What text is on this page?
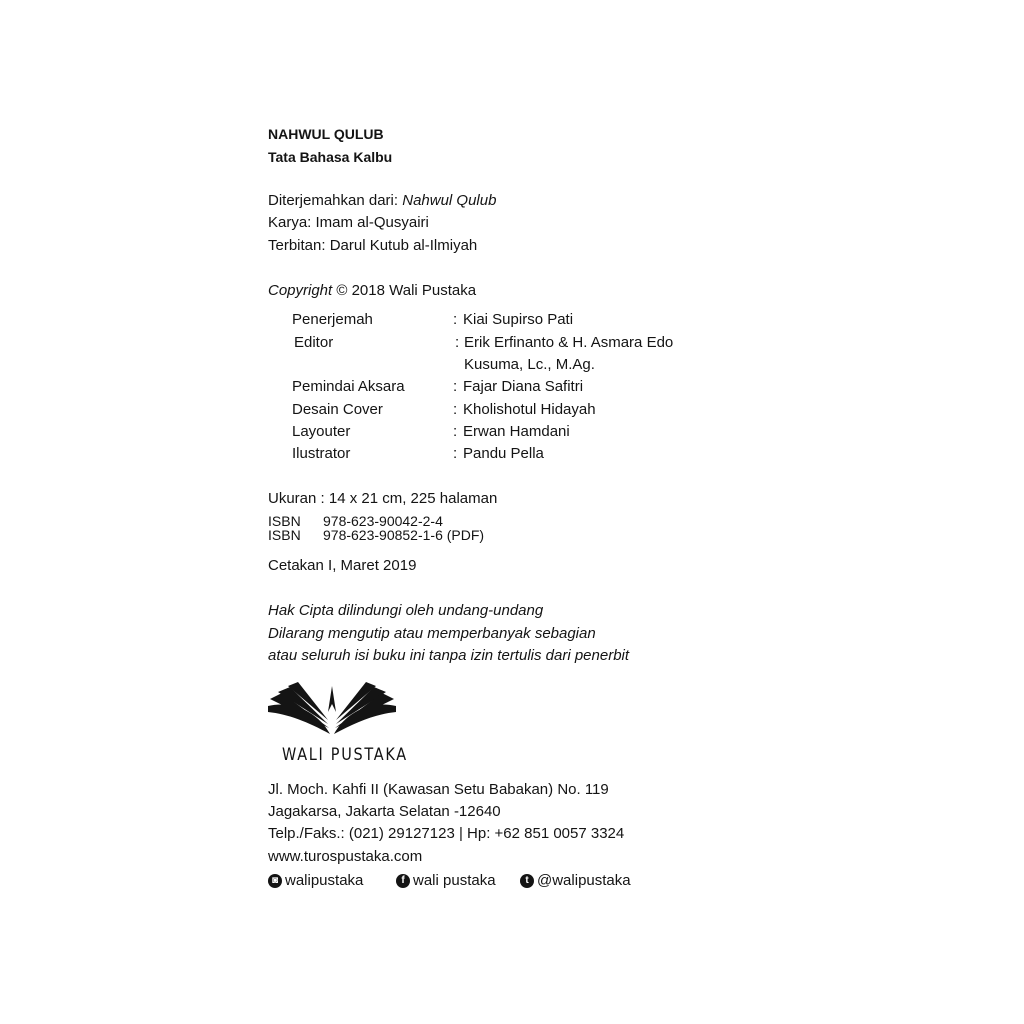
NAHWUL QULUB
Tata Bahasa Kalbu
Diterjemahkan dari: Nahwul Qulub
Karya: Imam al-Qusyairi
Terbitan: Darul Kutub al-Ilmiyah
Copyright © 2018 Wali Pustaka
Penerjemah	: Kiai Supirso Pati
Editor	: Erik Erfinanto & H. Asmara Edo
Kusuma, Lc., M.Ag.
Pemindai Aksara	: Fajar Diana Safitri
Desain Cover	: Kholishotul Hidayah
Layouter	: Erwan Hamdani
Ilustrator	: Pandu Pella
Ukuran : 14 x 21 cm, 225 halaman
ISBN 978-623-90042-2-4
ISBN 978-623-90852-1-6 (PDF)
Cetakan I, Maret 2019
Hak Cipta dilindungi oleh undang-undang
Dilarang mengutip atau memperbanyak sebagian
atau seluruh isi buku ini tanpa izin tertulis dari penerbit
WALI PUSTAKA
Jl. Moch. Kahfi II (Kawasan Setu Babakan) No. 119
Jagakarsa, Jakarta Selatan -12640
Telp./Faks.: (021) 29127123 | Hp: +62 851 0057 3324
www.turospustaka.com
◙ walipustaka	f wali pustaka	t @walipustaka
